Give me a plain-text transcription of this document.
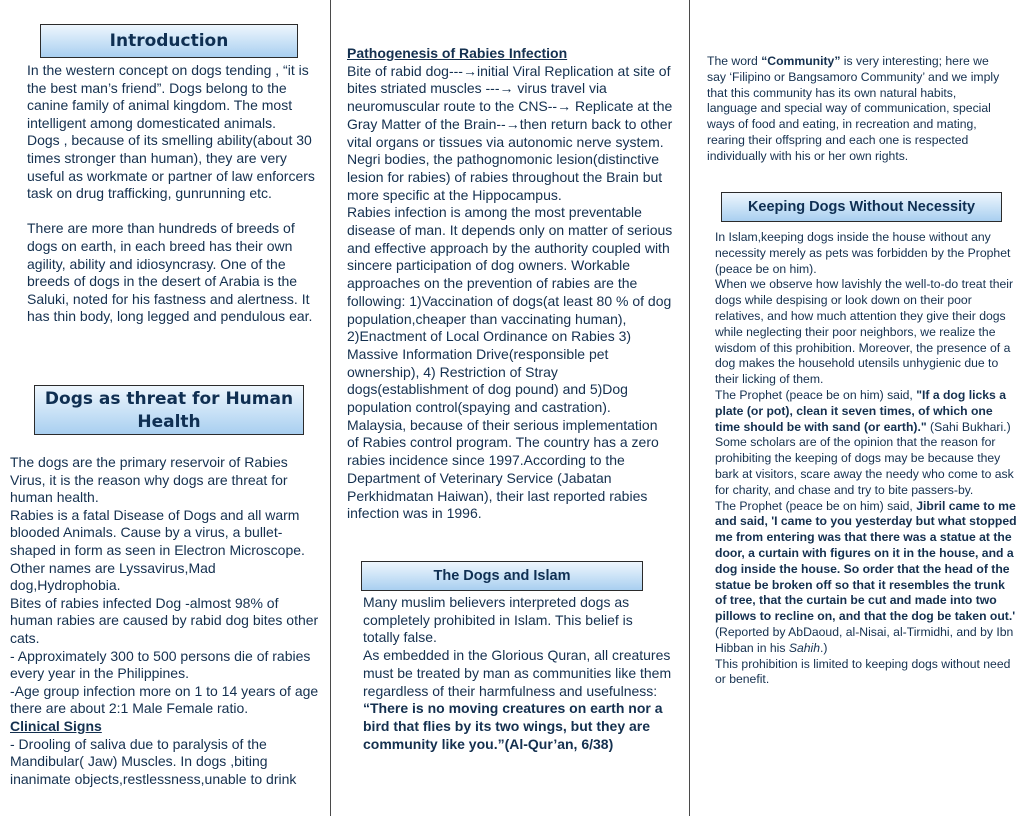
Introduction

In the western concept on dogs tending , “it is the best man’s friend”. Dogs belong to the canine family of animal kingdom. The most intelligent among domesticated animals.

Dogs , because of its smelling ability(about 30 times stronger than human), they are very useful as workmate or partner of law enforcers task on drug trafficking, gunrunning etc.

There are more than hundreds of breeds of dogs on earth, in each breed has their own agility, ability and idiosyncrasy. One of the breeds of dogs in the desert of Arabia is the Saluki, noted for his fastness and alertness. It has thin body, long legged and pendulous ear.

Dogs as threat for Human Health

The dogs are the primary reservoir of Rabies Virus, it is the reason why dogs are threat for human health.

Rabies is a fatal Disease of Dogs and all warm blooded Animals. Cause by a virus, a bullet-shaped in form as seen in Electron Microscope. Other names are Lyssavirus,Mad dog,Hydrophobia.

Bites of rabies infected Dog -almost 98% of human rabies are caused by rabid dog bites other cats.

- Approximately 300 to 500 persons die of rabies every year in the Philippines.

-Age group infection more on 1 to 14 years of age there are about 2:1 Male Female ratio.

Clinical Signs

- Drooling of saliva due to paralysis of the Mandibular( Jaw) Muscles. In dogs ,biting inanimate objects,restlessness,unable to drink

Pathogenesis of Rabies Infection

Bite of rabid dog---→initial Viral Replication at site of bites striated muscles ---→ virus travel via neuromuscular route to the CNS--→ Replicate at the Gray Matter of the Brain--→then return back to other vital organs or tissues via autonomic nerve system.

Negri bodies, the pathognomonic lesion(distinctive lesion for rabies) of rabies throughout the Brain but more specific at the Hippocampus.

Rabies infection is among the most preventable disease of man. It depends only on matter of serious and effective approach by the authority coupled with sincere participation of dog owners. Workable approaches on the prevention of rabies are the following: 1)Vaccination of dogs(at least 80 % of dog population,cheaper than vaccinating human), 2)Enactment of Local Ordinance on Rabies 3) Massive Information Drive(responsible pet ownership), 4) Restriction of Stray dogs(establishment of dog pound) and 5)Dog population control(spaying and castration).

Malaysia, because of their serious implementation of Rabies control program. The country has a zero rabies incidence since 1997.According to the Department of Veterinary Service (Jabatan Perkhidmatan Haiwan), their last reported rabies infection was in 1996.

The Dogs and Islam

Many muslim believers interpreted dogs as completely prohibited in Islam. This belief is totally false.

As embedded in the Glorious Quran, all creatures must be treated by man as communities like them regardless of their harmfulness and usefulness:

“There is no moving creatures on earth nor a bird that flies by its two wings, but they are community like you.”(Al-Qur’an, 6/38)

The word “Community” is very interesting; here we say ‘Filipino or Bangsamoro Community’ and we imply that this community has its own natural habits, language and special way of communication, special ways of food and eating, in recreation and mating, rearing their offspring and each one is respected individually with his or her own rights.

Keeping Dogs Without Necessity

In Islam,keeping dogs inside the house without any necessity merely as pets was forbidden by the Prophet (peace be on him).

When we observe how lavishly the well-to-do treat their dogs while despising or look down on their poor relatives, and how much attention they give their dogs while neglecting their poor neighbors, we realize the wisdom of this prohibition. Moreover, the presence of a dog makes the household utensils unhygienic due to their licking of them.

The Prophet (peace be on him) said, "If a dog licks a plate (or pot), clean it seven times, of which one time should be with sand (or earth)." (Sahi Bukhari.)

Some scholars are of the opinion that the reason for prohibiting the keeping of dogs may be because they bark at visitors, scare away the needy who come to ask for charity, and chase and try to bite passers-by.

The Prophet (peace be on him) said, Jibril came to me and said, 'I came to you yesterday but what stopped me from entering was that there was a statue at the door, a curtain with figures on it in the house, and a dog inside the house. So order that the head of the statue be broken off so that it resembles the trunk of tree, that the curtain be cut and made into two pillows to recline on, and that the dog be taken out.' (Reported by AbDaoud, al-Nisai, al-Tirmidhi, and by Ibn Hibban in his Sahih.)

This prohibition is limited to keeping dogs without need or benefit.
